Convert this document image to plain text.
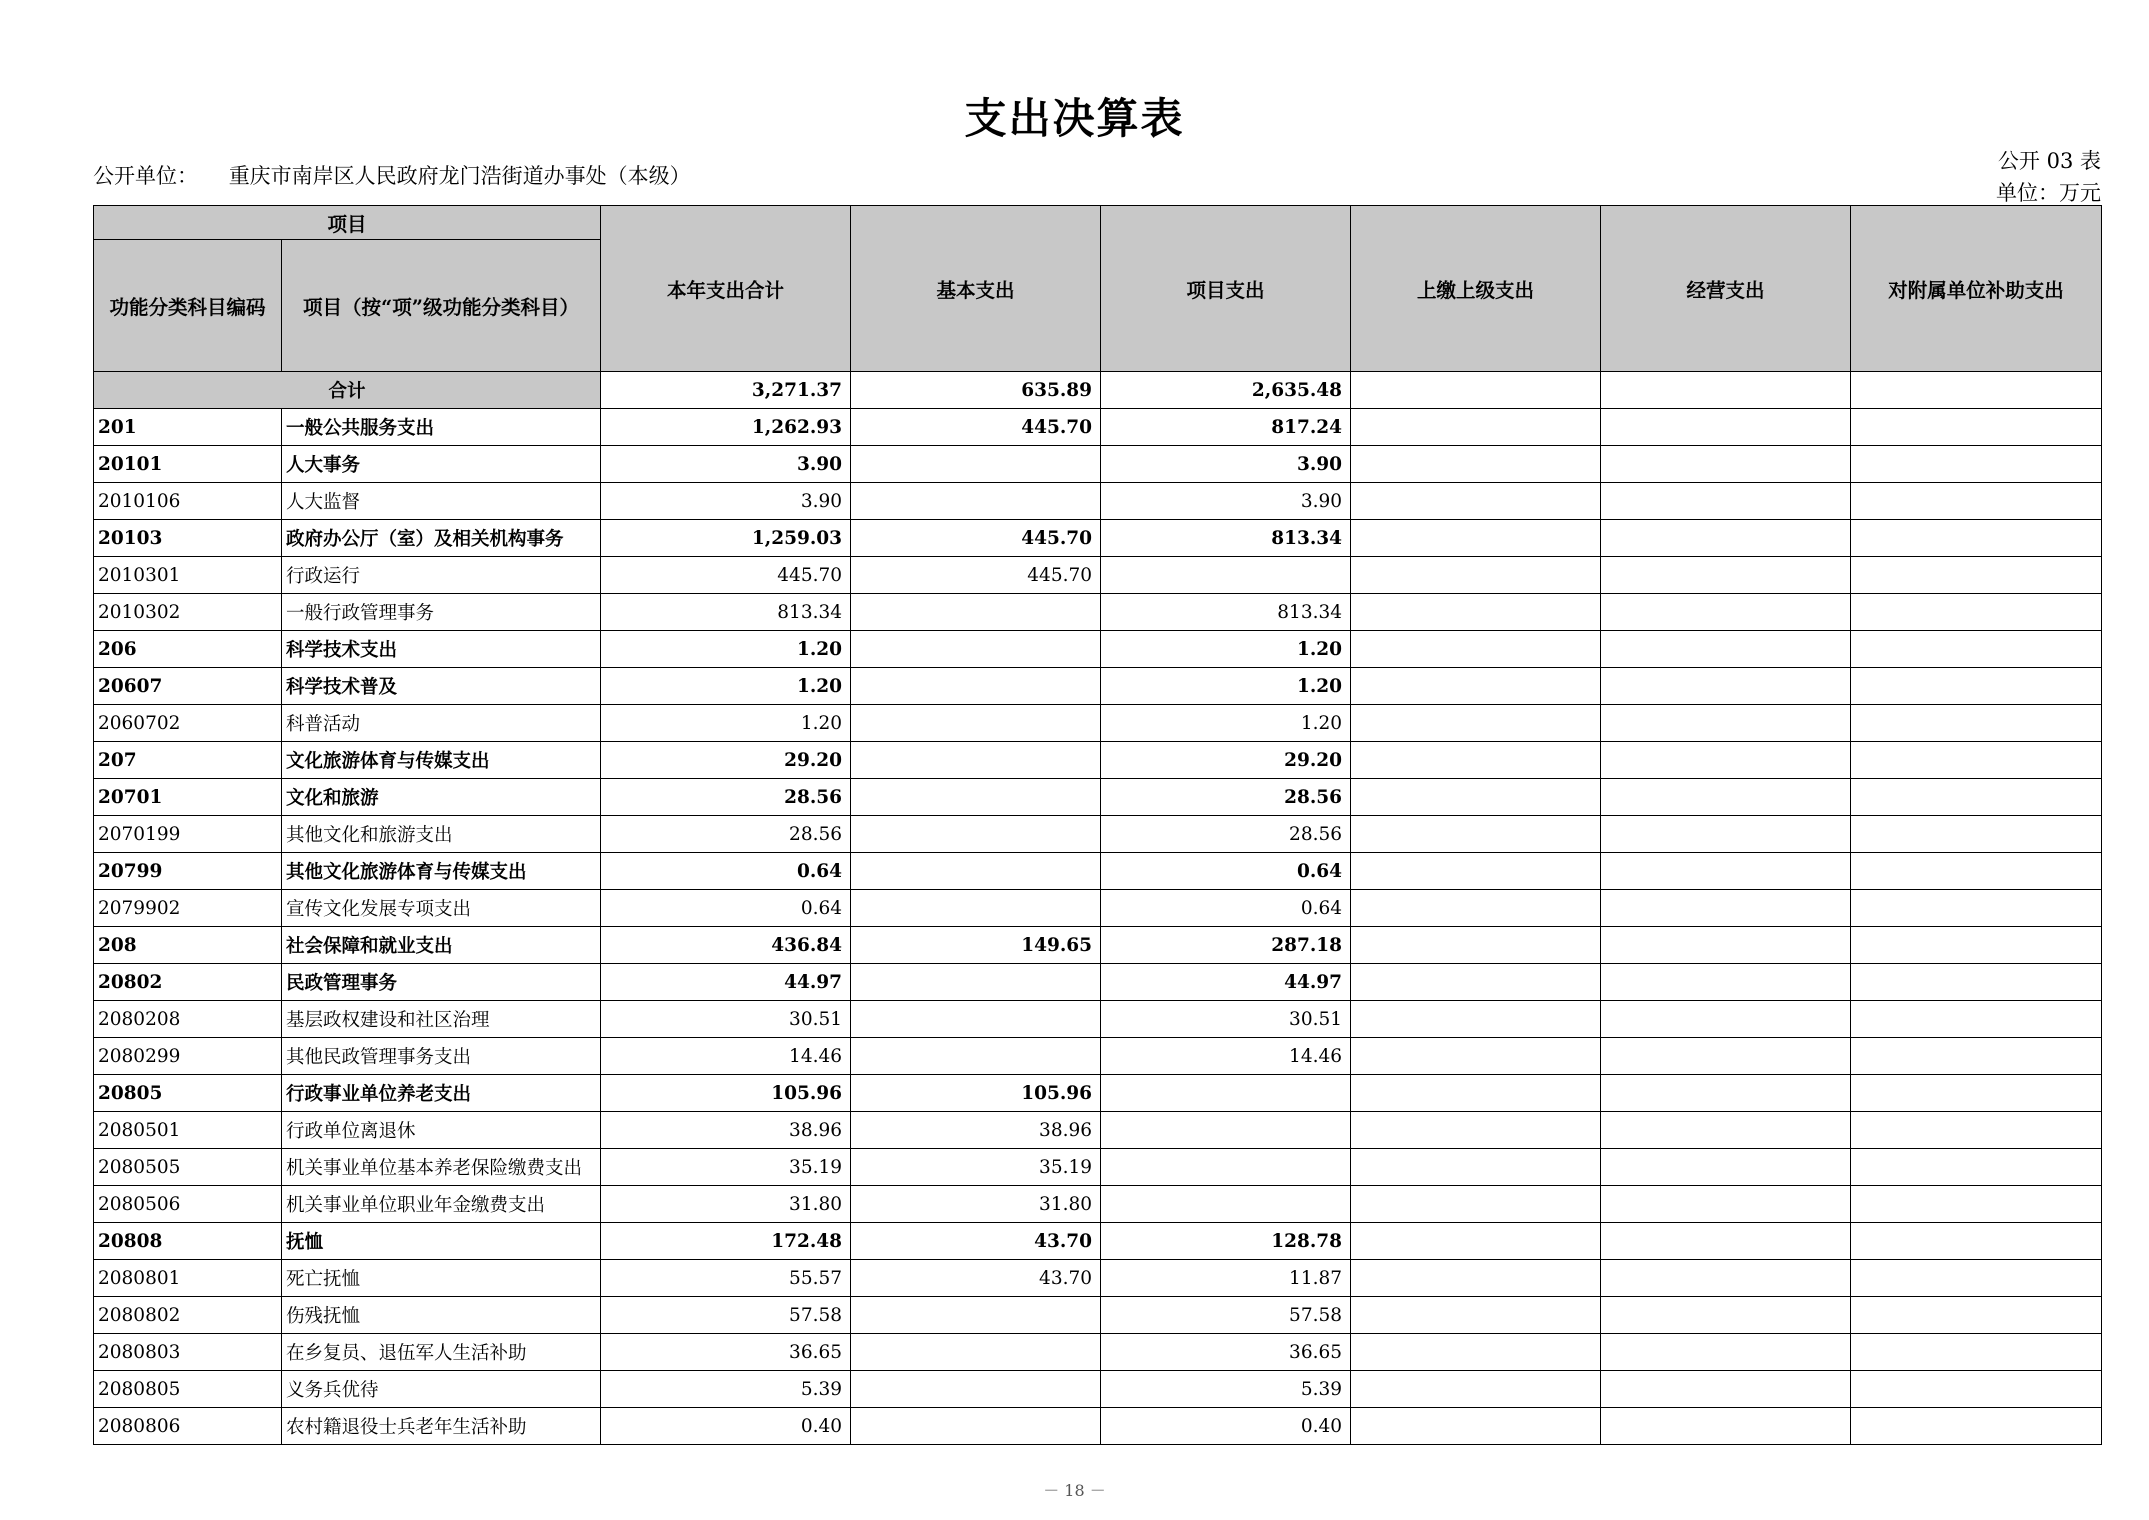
支出决算表
公开单位： 重庆市南岸区人民政府龙门浩街道办事处（本级）
公开 03 表
单位：万元
项目		本年支出合计	基本支出	项目支出	上缴上级支出	经营支出	对附属单位补助支出
功能分类科目编码	项目（按“项”级功能分类科目）						
合计		3,271.37	635.89	2,635.48			
201	一般公共服务支出	1,262.93	445.70	817.24			
20101	人大事务	3.90		3.90			
2010106	人大监督	3.90		3.90			
20103	政府办公厅（室）及相关机构事务	1,259.03	445.70	813.34			
2010301	行政运行	445.70	445.70				
2010302	一般行政管理事务	813.34		813.34			
206	科学技术支出	1.20		1.20			
20607	科学技术普及	1.20		1.20			
2060702	科普活动	1.20		1.20			
207	文化旅游体育与传媒支出	29.20		29.20			
20701	文化和旅游	28.56		28.56			
2070199	其他文化和旅游支出	28.56		28.56			
20799	其他文化旅游体育与传媒支出	0.64		0.64			
2079902	宣传文化发展专项支出	0.64		0.64			
208	社会保障和就业支出	436.84	149.65	287.18			
20802	民政管理事务	44.97		44.97			
2080208	基层政权建设和社区治理	30.51		30.51			
2080299	其他民政管理事务支出	14.46		14.46			
20805	行政事业单位养老支出	105.96	105.96				
2080501	行政单位离退休	38.96	38.96				
2080505	机关事业单位基本养老保险缴费支出	35.19	35.19				
2080506	机关事业单位职业年金缴费支出	31.80	31.80				
20808	抚恤	172.48	43.70	128.78			
2080801	死亡抚恤	55.57	43.70	11.87			
2080802	伤残抚恤	57.58		57.58			
2080803	在乡复员、退伍军人生活补助	36.65		36.65			
2080805	义务兵优待	5.39		5.39			
2080806	农村籍退役士兵老年生活补助	0.40		0.40			
－ 18 －
